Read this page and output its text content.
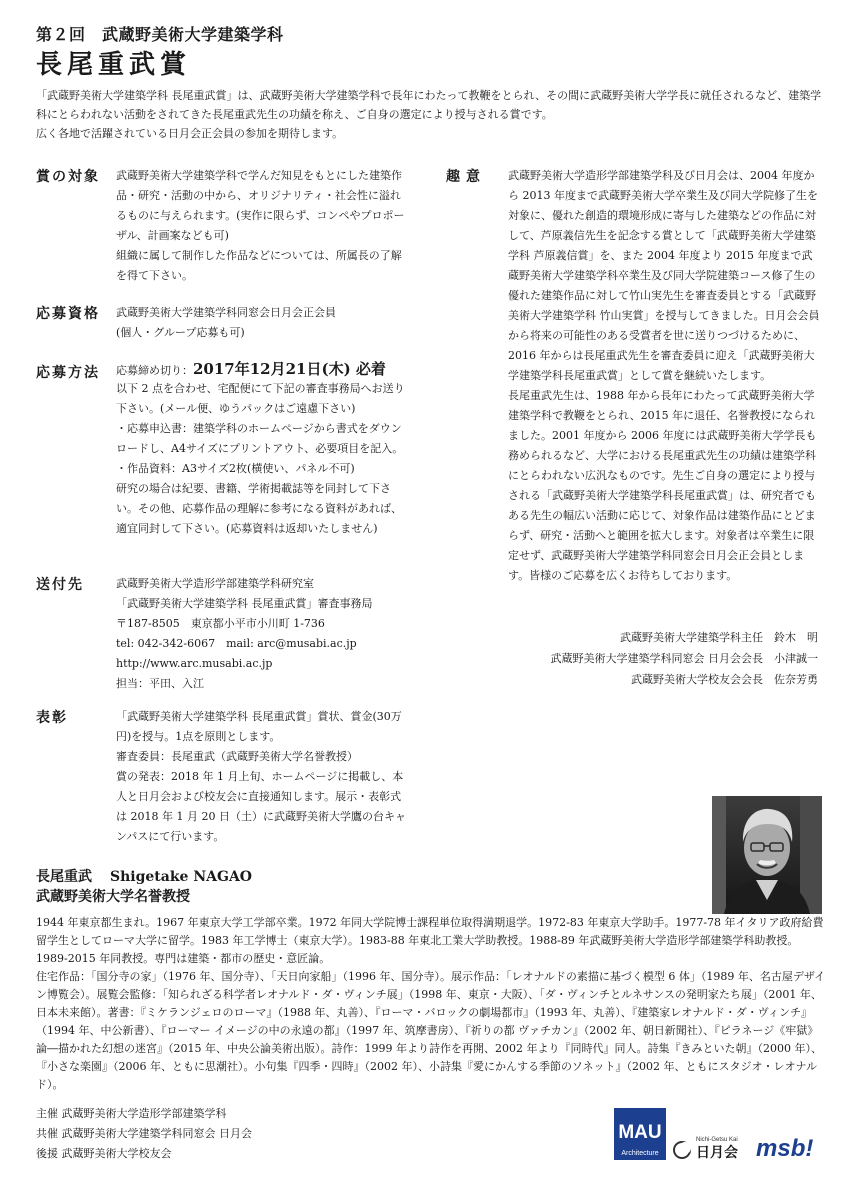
第２回　武蔵野美術大学建築学科
長尾重武賞
「武蔵野美術大学建築学科 長尾重武賞」は、武蔵野美術大学建築学科で長年にわたって教鞭をとられ、その間に武蔵野美術大学学長に就任されるなど、建築学科にとらわれない活動をされてきた長尾重武先生の功績を称え、ご自身の選定により授与される賞です。
広く各地で活躍されている日月会正会員の参加を期待します。
賞の対象 武蔵野美術大学建築学科で学んだ知見をもとにした建築作品・研究・活動の中から、オリジナリティ・社会性に溢れるものに与えられます。(実作に限らず、コンペやプロポーザル、計画案なども可)
組織に属して制作した作品などについては、所属長の了解を得て下さい。
応募資格 武蔵野美術大学建築学科同窓会日月会正会員
(個人・グループ応募も可)
応募方法 応募締め切り：2017年12月21日(木) 必着
以下 2 点を合わせ、宅配便にて下記の審査事務局へお送り下さい。(メール便、ゆうパックはご遠慮下さい)
・応募申込書：建築学科のホームページから書式をダウンロードし、A4サイズにプリントアウト、必要項目を記入。
・作品資料：A3サイズ2枚(横使い、パネル不可)
研究の場合は紀要、書籍、学術掲載誌等を同封して下さい。その他、応募作品の理解に参考になる資料があれば、適宜同封して下さい。(応募資料は返却いたしません)
送付先	武蔵野美術大学造形学部建築学科研究室
「武蔵野美術大学建築学科 長尾重武賞」審査事務局
〒187-8505　東京都小平市小川町 1-736
tel: 042-342-6067　mail: arc@musabi.ac.jp
http://www.arc.musabi.ac.jp
担当：平田、入江
表彰	「武蔵野美術大学建築学科 長尾重武賞」賞状、賞金(30万円)を授与。1点を原則とします。
審査委員：長尾重武（武蔵野美術大学名誉教授）
賞の発表：2018 年 1 月上旬、ホームページに掲載し、本人と日月会および校友会に直接通知します。展示・表彰式は 2018 年 1 月 20 日（土）に武蔵野美術大学鷹の台キャンパスにて行います。
趣意 武蔵野美術大学造形学部建築学科及び日月会は、2004 年度から 2013 年度まで武蔵野美術大学卒業生及び同大学院修了生を対象に、優れた創造的環境形成に寄与した建築などの作品に対して、芦原義信先生を記念する賞として「武蔵野美術大学建築学科 芦原義信賞」を、また 2004 年度より 2015 年度まで武蔵野美術大学建築学科卒業生及び同大学院建築コース修了生の優れた建築作品に対して竹山実先生を審査委員とする「武蔵野美術大学建築学科 竹山実賞」を授与してきました。日月会会員から将来の可能性のある受賞者を世に送りつづけるために、2016 年からは長尾重武先生を審査委員に迎え「武蔵野美術大学建築学科長尾重武賞」として賞を継続いたします。
長尾重武先生は、1988 年から長年にわたって武蔵野美術大学建築学科で教鞭をとられ、2015 年に退任、名誉教授になられました。2001 年度から 2006 年度には武蔵野美術大学学長も務められるなど、大学における長尾重武先生の功績は建築学科にとらわれない広汎なものです。先生ご自身の選定により授与される「武蔵野美術大学建築学科長尾重武賞」は、研究者でもある先生の幅広い活動に応じて、対象作品は建築作品にとどまらず、研究・活動へと範囲を拡大します。対象者は卒業生に限定せず、武蔵野美術大学建築学科同窓会日月会正会員とします。皆様のご応募を広くお待ちしております。
武蔵野美術大学建築学科主任　鈴木　明
武蔵野美術大学建築学科同窓会 日月会会長　小津誠一
武蔵野美術大学校友会会長　佐奈芳勇
長尾重武 Shigetake NAGAO
武蔵野美術大学名誉教授
1944 年東京都生まれ。1967 年東京大学工学部卒業。1972 年同大学院博士課程単位取得満期退学。1972-83 年東京大学助手。1977-78 年イタリア政府給費留学生としてローマ大学に留学。1983 年工学博士（東京大学）。1983-88 年東北工業大学助教授。1988-89 年武蔵野美術大学造形学部建築学科助教授。1989-2015 年同教授。専門は建築・都市の歴史・意匠論。
住宅作品：「国分寺の家」（1976 年、国分寺）、「天日向家船」（1996 年、国分寺）。展示作品：「レオナルドの素描に基づく模型 6 体」（1989 年、名古屋デザイン博覧会）。展覧会監修：「知られざる科学者レオナルド・ダ・ヴィンチ展」（1998 年、東京・大阪）、「ダ・ヴィンチとルネサンスの発明家たち展」（2001 年、日本未来館）。著書：『ミケランジェロのローマ』（1988 年、丸善）、『ローマ・バロックの劇場都市』（1993 年、丸善）、『建築家レオナルド・ダ・ヴィンチ』（1994 年、中公新書）、『ローマー イメージの中の永遠の都』（1997 年、筑摩書房）、『祈りの都 ヴァチカン』（2002 年、朝日新聞社）、『ピラネージ《牢獄》論―描かれた幻想の迷宮』（2015 年、中央公論美術出版）。詩作：1999 年より詩作を再開、2002 年より『同時代』同人。詩集『きみといた朝』（2000 年）、『小さな楽園』（2006 年、ともに思潮社）。小句集『四季・四時』（2002 年）、小詩集『愛にかんする季節のソネット』（2002 年、ともにスタジオ・レオナルド）。
主催 武蔵野美術大学造形学部建築学科
共催 武蔵野美術大学建築学科同窓会 日月会
後援 武蔵野美術大学校友会
MAU
Architecture
Nichi-Getsu Kai
日月会 msb!
